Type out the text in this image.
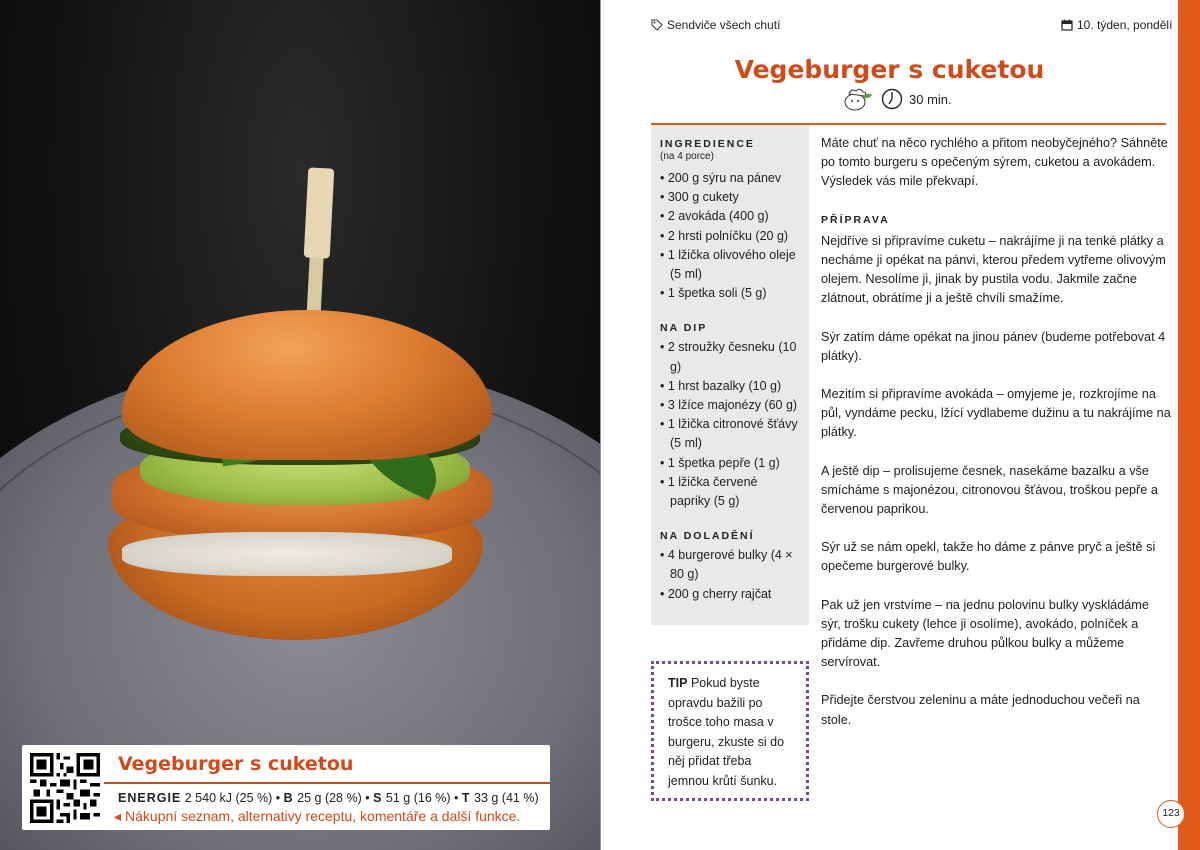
Vegeburger s cuketou
ENERGIE 2 540 kJ (25 %) • B 25 g (28 %) • S 51 g (16 %) • T 33 g (41 %)
◂ Nákupní seznam, alternativy receptu, komentáře a další funkce.
Sendviče všech chutí	10. týden, pondělí
Vegeburger s cuketou
30 min.
INGREDIENCE
(na 4 porce)
• 200 g sýru na pánev
• 300 g cukety
• 2 avokáda (400 g)
• 2 hrsti polníčku (20 g)
• 1 lžička olivového oleje (5 ml)
• 1 špetka soli (5 g)
NA DIP
• 2 stroužky česneku (10 g)
• 1 hrst bazalky (10 g)
• 3 lžíce majonézy (60 g)
• 1 lžička citronové šťávy (5 ml)
• 1 špetka pepře (1 g)
• 1 lžička červené papriky (5 g)
NA DOLADĚNÍ
• 4 burgerové bulky (4 × 80 g)
• 200 g cherry rajčat
TIP Pokud byste opravdu bažili po trošce toho masa v burgeru, zkuste si do něj přidat třeba jemnou krůtí šunku.

Máte chuť na něco rychlého a přitom neobyčejného? Sáhněte po tomto burgeru s opečeným sýrem, cuketou a avokádem. Výsledek vás mile překvapí.

PŘÍPRAVA

Nejdříve si připravíme cuketu – nakrájíme ji na tenké plátky a necháme ji opékat na pánvi, kterou předem vytřeme olivovým olejem. Nesolíme ji, jinak by pustila vodu. Jakmile začne zlátnout, obrátíme ji a ještě chvíli smažíme.

Sýr zatím dáme opékat na jinou pánev (budeme potřebovat 4 plátky).

Mezitím si připravíme avokáda – omyjeme je, rozkrojíme na půl, vyndáme pecku, lžící vydlabeme dužinu a tu nakrájíme na plátky.

A ještě dip – prolisujeme česnek, nasekáme bazalku a vše smícháme s majonézou, citronovou šťávou, troškou pepře a červenou paprikou.

Sýr už se nám opekl, takže ho dáme z pánve pryč a ještě si opečeme burgerové bulky.

Pak už jen vrstvíme – na jednu polovinu bulky vyskládáme sýr, trošku cukety (lehce ji osolíme), avokádo, polníček a přidáme dip. Zavřeme druhou půlkou bulky a můžeme servírovat.

Přidejte čerstvou zeleninu a máte jednoduchou večeři na stole.

123
